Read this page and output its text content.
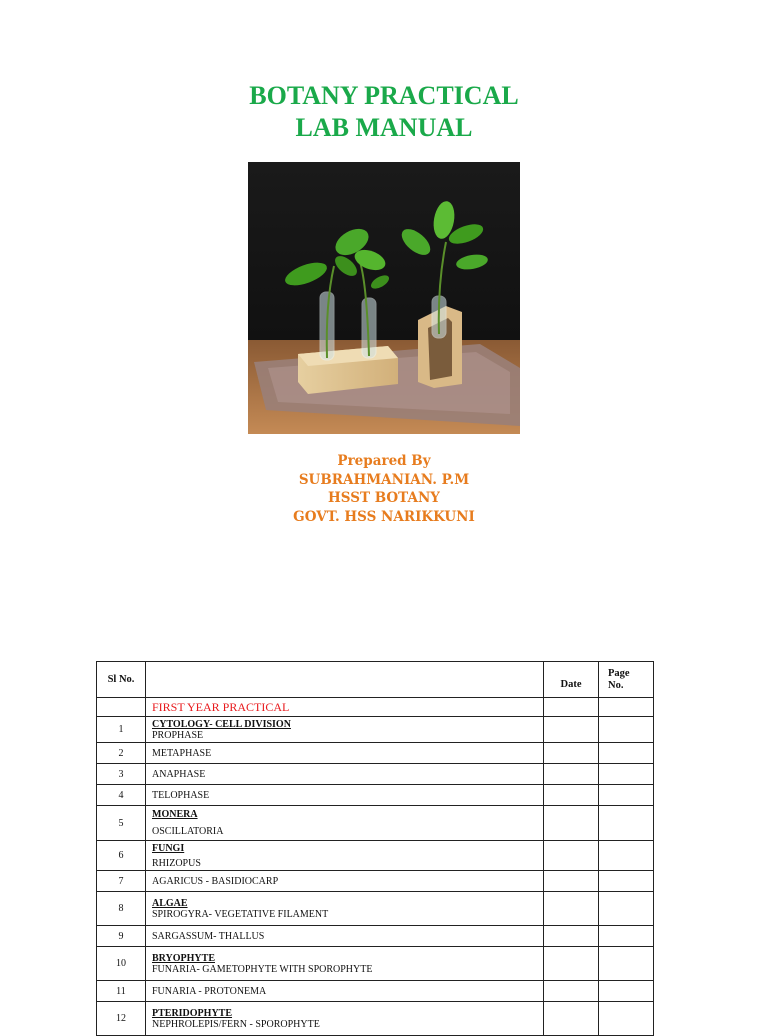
BOTANY PRACTICAL
LAB MANUAL
Prepared By
SUBRAHMANIAN. P.M
HSST BOTANY
GOVT. HSS NARIKKUNI
Sl No.		Date	Page No.
	FIRST YEAR PRACTICAL		
1	CYTOLOGY- CELL DIVISION
PROPHASE		

2	METAPHASE		
3	ANAPHASE		
4	TELOPHASE		
5	MONERA
OSCILLATORIA		

6	FUNGI
RHIZOPUS		

7	AGARICUS - BASIDIOCARP		
8	ALGAE
SPIROGYRA- VEGETATIVE FILAMENT		

9	SARGASSUM- THALLUS		
10	BRYOPHYTE
FUNARIA- GAMETOPHYTE WITH SPOROPHYTE		

11	FUNARIA - PROTONEMA		
12	PTERIDOPHYTE
NEPHROLEPIS/FERN - SPOROPHYTE		
